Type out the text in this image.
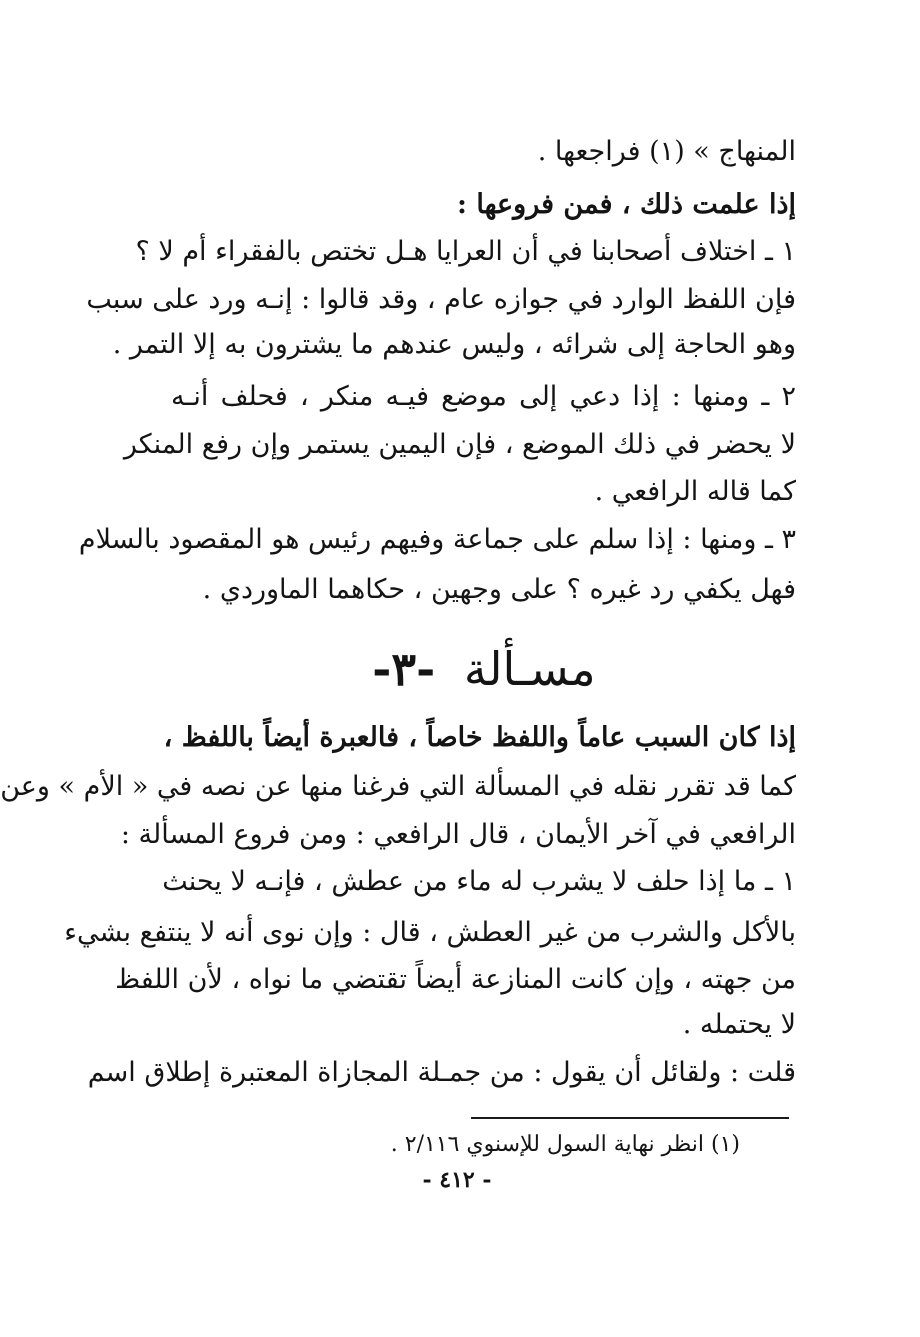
المنهاج » (١) فراجعها .
إذا علمت ذلك ، فمن فروعها :
١ ـ اختلاف أصحابنا في أن العرايا هـل تختص بالفقراء أم لا ؟
فإن اللفظ الوارد في جوازه عام ، وقد قالوا : إنـه ورد على سبب
وهو الحاجة إلى شرائه ، وليس عندهم ما يشترون به إلا التمر .
٢ ـ ومنها : إذا دعي إلى موضع فيـه منكر ، فحلف أنـه
لا يحضر في ذلك الموضع ، فإن اليمين يستمر وإن رفع المنكر
كما قاله الرافعي .
٣ ـ ومنها : إذا سلم على جماعة وفيهم رئيس هو المقصود بالسلام
فهل يكفي رد غيره ؟ على وجهين ، حكاهما الماوردي .
مسـألة -٣-
إذا كان السبب عاماً واللفظ خاصاً ، فالعبرة أيضاً باللفظ ،
كما قد تقرر نقله في المسألة التي فرغنا منها عن نصه في « الأم » وعن
الرافعي في آخر الأيمان ، قال الرافعي : ومن فروع المسألة :
١ ـ ما إذا حلف لا يشرب له ماء من عطش ، فإنـه لا يحنث
بالأكل والشرب من غير العطش ، قال : وإن نوى أنه لا ينتفع بشيء
من جهته ، وإن كانت المنازعة أيضاً تقتضي ما نواه ، لأن اللفظ
لا يحتمله .
قلت : ولقائل أن يقول : من جمـلة المجازاة المعتبرة إطلاق اسم
(١) انظر نهاية السول للإسنوي ٢/١١٦ .
- ٤١٢ -
